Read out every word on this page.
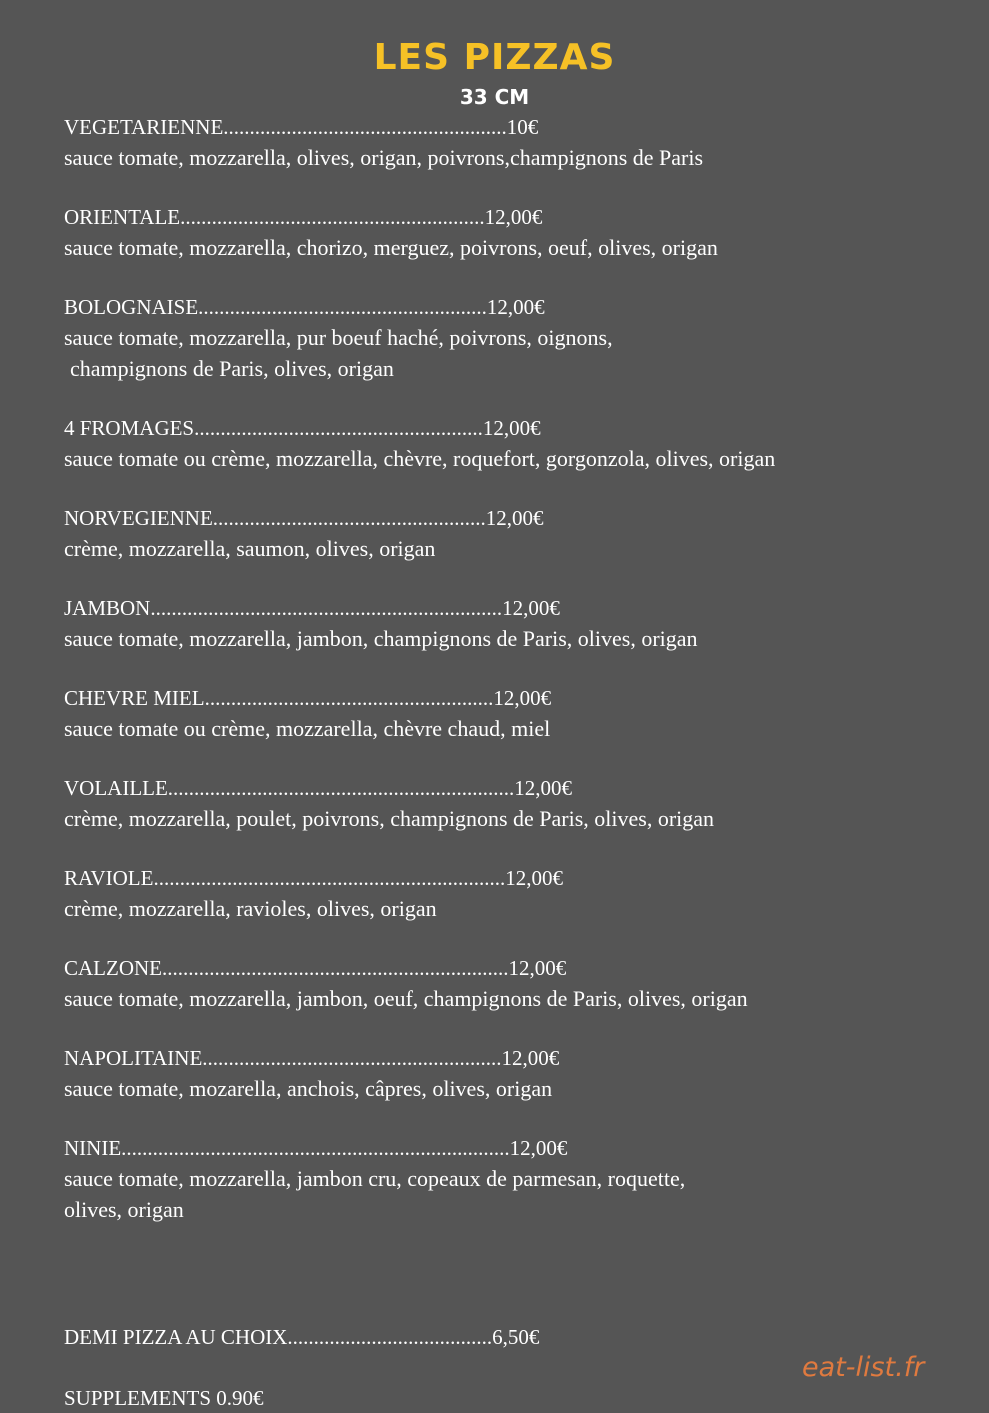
LES PIZZAS
33 CM
VEGETARIENNE......................................................10€
sauce tomate, mozzarella, olives, origan, poivrons,champignons de Paris
ORIENTALE..........................................................12,00€
sauce tomate, mozzarella, chorizo, merguez, poivrons, oeuf, olives, origan
BOLOGNAISE.......................................................12,00€
sauce tomate, mozzarella, pur boeuf haché, poivrons, oignons,
champignons de Paris, olives, origan
4 FROMAGES.......................................................12,00€
sauce tomate ou crème, mozzarella, chèvre, roquefort, gorgonzola, olives, origan
NORVEGIENNE....................................................12,00€
crème, mozzarella, saumon, olives, origan
JAMBON...................................................................12,00€
sauce tomate, mozzarella, jambon, champignons de Paris, olives, origan
CHEVRE MIEL.......................................................12,00€
sauce tomate ou crème, mozzarella, chèvre chaud, miel
VOLAILLE..................................................................12,00€
crème, mozzarella, poulet, poivrons, champignons de Paris, olives, origan
RAVIOLE...................................................................12,00€
crème, mozzarella, ravioles, olives, origan
CALZONE..................................................................12,00€
sauce tomate, mozzarella, jambon, oeuf, champignons de Paris, olives, origan
NAPOLITAINE.........................................................12,00€
sauce tomate, mozarella, anchois, câpres, olives, origan
NINIE..........................................................................12,00€
sauce tomate, mozzarella, jambon cru, copeaux de parmesan, roquette,
olives, origan
DEMI PIZZA AU CHOIX.......................................6,50€
SUPPLEMENTS 0.90€
eat-list.fr
